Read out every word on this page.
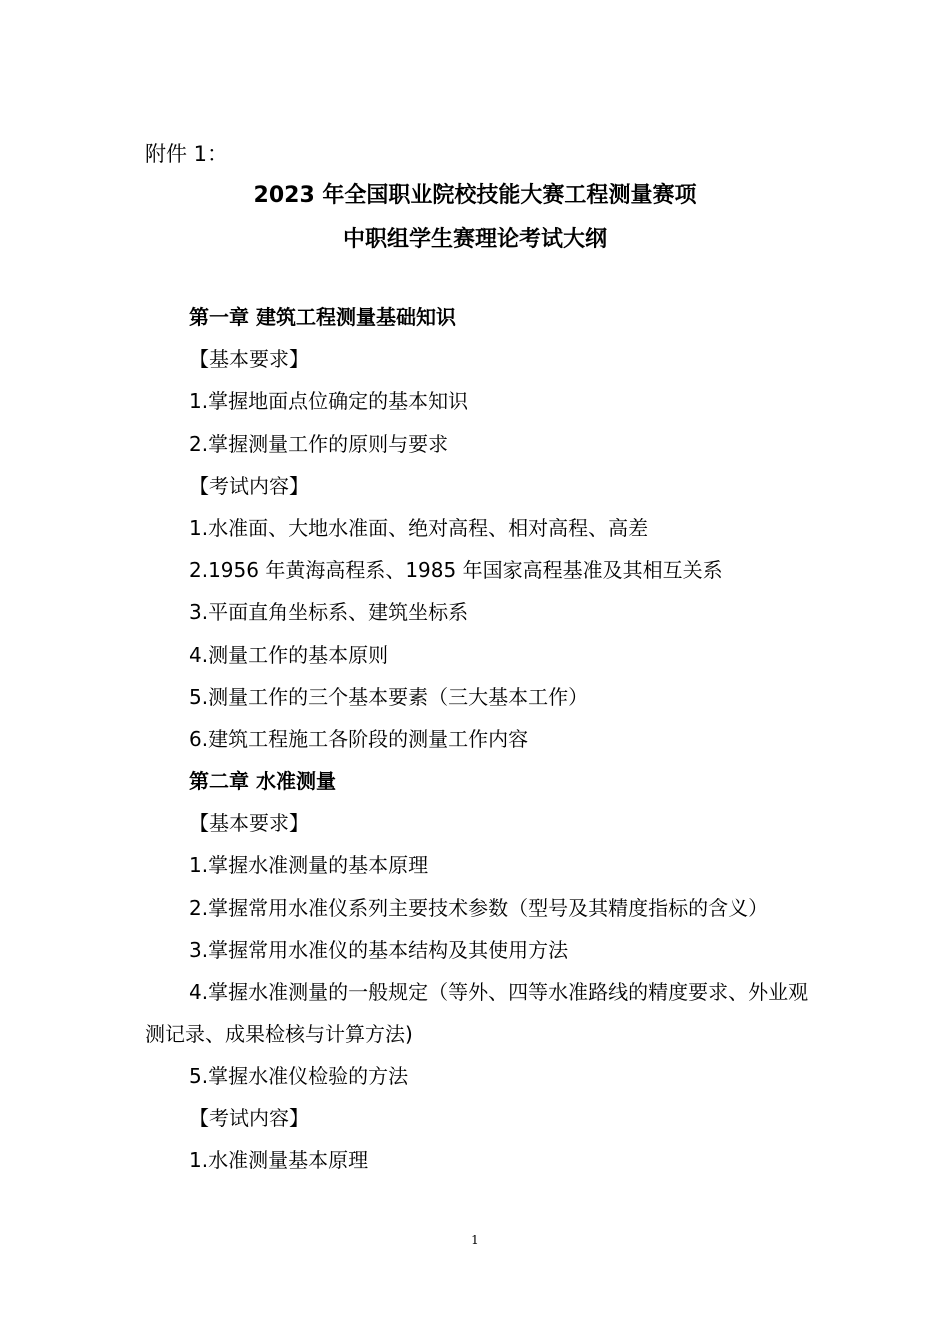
附件 1：
2023 年全国职业院校技能大赛工程测量赛项
中职组学生赛理论考试大纲
第一章 建筑工程测量基础知识
【基本要求】
1.掌握地面点位确定的基本知识
2.掌握测量工作的原则与要求
【考试内容】
1.水准面、大地水准面、绝对高程、相对高程、高差
2.1956 年黄海高程系、1985 年国家高程基准及其相互关系
3.平面直角坐标系、建筑坐标系
4.测量工作的基本原则
5.测量工作的三个基本要素（三大基本工作）
6.建筑工程施工各阶段的测量工作内容
第二章 水准测量
【基本要求】
1.掌握水准测量的基本原理
2.掌握常用水准仪系列主要技术参数（型号及其精度指标的含义）
3.掌握常用水准仪的基本结构及其使用方法
4.掌握水准测量的一般规定（等外、四等水准路线的精度要求、外业观测记录、成果检核与计算方法)
5.掌握水准仪检验的方法
【考试内容】
1.水准测量基本原理
1
